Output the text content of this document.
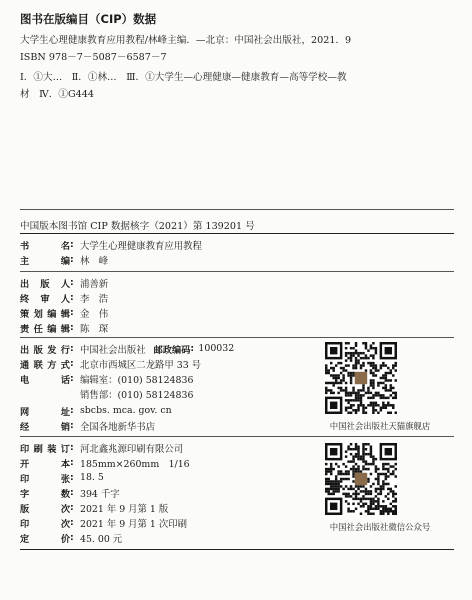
图书在版编目（CIP）数据
大学生心理健康教育应用教程/林峰主编．—北京：中国社会出版社，2021．9
ISBN 978－7－5087－6587－7
Ⅰ．①大…　Ⅱ．①林…　Ⅲ．①大学生—心理健康—健康教育—高等学校—教
材　Ⅳ．①G444
中国版本图书馆 CIP 数据核字（2021）第 139201 号
书	名 : 大学生心理健康教育应用教程
主	编 : 林　峰
出 版 人 : 浦善新
终 审 人 : 李　浩
策 划 编 辑 : 金　伟
责 任 编 辑 : 陈　琛
出 版 发 行 : 中国社会出版社 邮政编码 : 100032
通 联 方 式 : 北京市西城区二龙路甲 33 号
电	话 : 编辑室：(010) 58124836
销售部：(010) 58124836
网	址 : sbcbs. mca. gov. cn
经	销 : 全国各地新华书店
印 刷 装 订 : 河北鑫兆源印刷有限公司
开	本 : 185mm×260mm　1/16
印	张 : 18. 5
字	数 : 394 千字
版	次 : 2021 年 9 月第 1 版
印	次 : 2021 年 9 月第 1 次印刷
定	价 : 45. 00 元
中国社会出版社天猫旗舰店
中国社会出版社微信公众号
